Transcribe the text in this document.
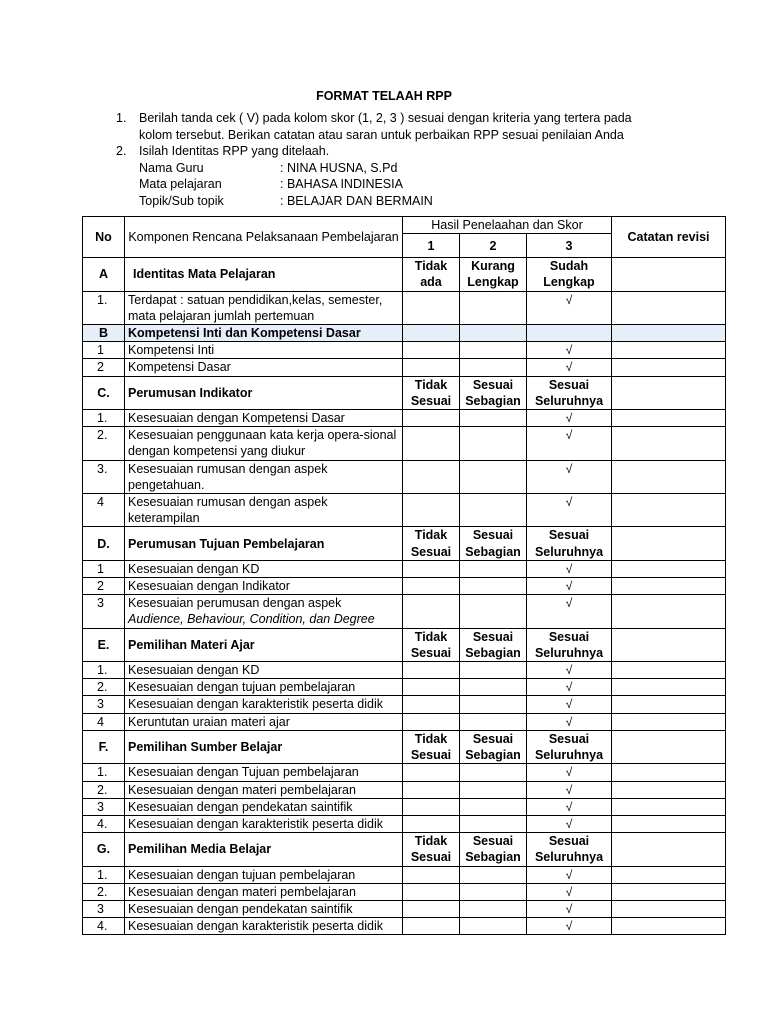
FORMAT TELAAH RPP
1.	Berilah tanda cek ( V) pada kolom skor (1, 2, 3 ) sesuai dengan kriteria yang tertera pada
kolom tersebut. Berikan catatan atau saran untuk perbaikan RPP sesuai penilaian Anda
2.	Isilah Identitas RPP yang ditelaah.
Nama Guru	: NINA HUSNA, S.Pd
Mata pelajaran	: BAHASA INDINESIA
Topik/Sub topik	: BELAJAR DAN BERMAIN
No	Komponen Rencana Pelaksanaan Pembelajaran	Hasil Penelaahan dan Skor			Catatan revisi
		1	2	3	
A	Identitas Mata Pelajaran	Tidak ada	Kurang Lengkap	Sudah Lengkap	
1.	Terdapat : satuan pendidikan,kelas, semester, mata pelajaran jumlah pertemuan			√	
B	Kompetensi Inti dan Kompetensi Dasar				
1	Kompetensi Inti			√	
2	Kompetensi Dasar			√	
C.	Perumusan Indikator	Tidak Sesuai	Sesuai Sebagian	Sesuai Seluruhnya	
1.	Kesesuaian dengan Kompetensi Dasar			√	
2.	Kesesuaian penggunaan kata kerja opera-sional dengan kompetensi yang diukur			√	
3.	Kesesuaian rumusan dengan aspek pengetahuan.			√	
4	Kesesuaian rumusan dengan aspek keterampilan			√	
D.	Perumusan Tujuan Pembelajaran	Tidak Sesuai	Sesuai Sebagian	Sesuai Seluruhnya	
1	Kesesuaian dengan KD			√	
2	Kesesuaian dengan Indikator			√	
3	Kesesuaian perumusan dengan aspek
Audience, Behaviour, Condition, dan Degree			√	
E.	Pemilihan Materi Ajar	Tidak Sesuai	Sesuai Sebagian	Sesuai Seluruhnya	
1.	Kesesuaian dengan KD			√	
2.	Kesesuaian dengan tujuan pembelajaran			√	
3	Kesesuaian dengan karakteristik peserta didik			√	
4	Keruntutan uraian materi ajar			√	
F.	Pemilihan Sumber Belajar	Tidak Sesuai	Sesuai Sebagian	Sesuai Seluruhnya	
1.	Kesesuaian dengan Tujuan pembelajaran			√	
2.	Kesesuaian dengan materi pembelajaran			√	
3	Kesesuaian dengan pendekatan saintifik			√	
4.	Kesesuaian dengan karakteristik peserta didik			√	
G.	Pemilihan Media Belajar	Tidak Sesuai	Sesuai Sebagian	Sesuai Seluruhnya	
1.	Kesesuaian dengan tujuan pembelajaran			√	
2.	Kesesuaian dengan materi pembelajaran			√	
3	Kesesuaian dengan pendekatan saintifik			√	
4.	Kesesuaian dengan karakteristik peserta didik			√	
